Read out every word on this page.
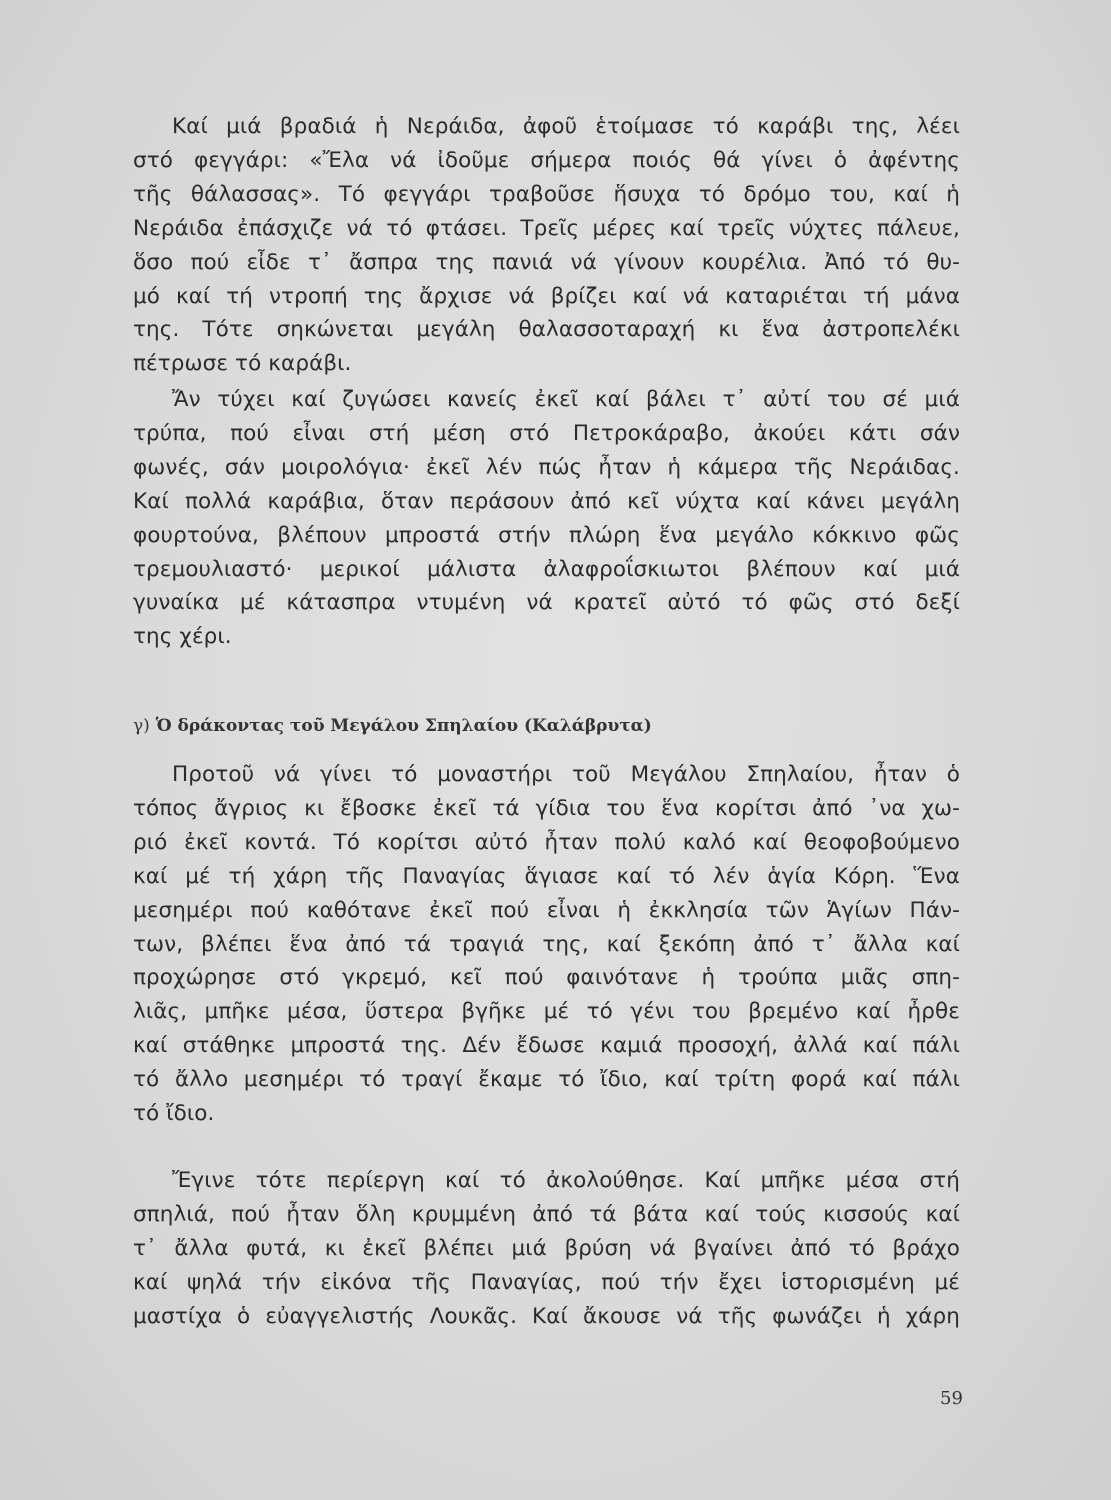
Καί μιά βραδιά ἡ Νεράιδα, ἀφοῦ ἑτοίμασε τό καράβι της, λέει
στό φεγγάρι: «Ἔλα νά ἰδοῦμε σήμερα ποιός θά γίνει ὁ ἀφέντης
τῆς θάλασσας». Τό φεγγάρι τραβοῦσε ἥσυχα τό δρόμο του, καί ἡ
Νεράιδα ἐπάσχιζε νά τό φτάσει. Τρεῖς μέρες καί τρεῖς νύχτες πάλευε,
ὅσο πού εἶδε τ᾿ ἄσπρα της πανιά νά γίνουν κουρέλια. Ἀπό τό θυ-
μό καί τή ντροπή της ἄρχισε νά βρίζει καί νά καταριέται τή μάνα
της. Τότε σηκώνεται μεγάλη θαλασσοταραχή κι ἕνα ἀστροπελέκι
πέτρωσε τό καράβι.
Ἄν τύχει καί ζυγώσει κανείς ἐκεῖ καί βάλει τ᾿ αὐτί του σέ μιά
τρύπα, πού εἶναι στή μέση στό Πετροκάραβο, ἀκούει κάτι σάν
φωνές, σάν μοιρολόγια· ἐκεῖ λέν πώς ἦταν ἡ κάμερα τῆς Νεράιδας.
Καί πολλά καράβια, ὅταν περάσουν ἀπό κεῖ νύχτα καί κάνει μεγάλη
φουρτούνα, βλέπουν μπροστά στήν πλώρη ἕνα μεγάλο κόκκινο φῶς
τρεμουλιαστό· μερικοί μάλιστα ἀλαφροΐσκιωτοι βλέπουν καί μιά
γυναίκα μέ κάτασπρα ντυμένη νά κρατεῖ αὐτό τό φῶς στό δεξί
της χέρι.
γ) Ὁ δράκοντας τοῦ Μεγάλου Σπηλαίου (Καλάβρυτα)
Προτοῦ νά γίνει τό μοναστήρι τοῦ Μεγάλου Σπηλαίου, ἦταν ὁ
τόπος ἄγριος κι ἔβοσκε ἐκεῖ τά γίδια του ἕνα κορίτσι ἀπό ᾿να χω-
ριό ἐκεῖ κοντά. Τό κορίτσι αὐτό ἦταν πολύ καλό καί θεοφοβούμενο
καί μέ τή χάρη τῆς Παναγίας ἅγιασε καί τό λέν ἁγία Κόρη. Ἕνα
μεσημέρι πού καθότανε ἐκεῖ πού εἶναι ἡ ἐκκλησία τῶν Ἁγίων Πάν-
των, βλέπει ἕνα ἀπό τά τραγιά της, καί ξεκόπη ἀπό τ᾿ ἄλλα καί
προχώρησε στό γκρεμό, κεῖ πού φαινότανε ἡ τρούπα μιᾶς σπη-
λιᾶς, μπῆκε μέσα, ὕστερα βγῆκε μέ τό γένι του βρεμένο καί ἦρθε
καί στάθηκε μπροστά της. Δέν ἔδωσε καμιά προσοχή, ἀλλά καί πάλι
τό ἄλλο μεσημέρι τό τραγί ἔκαμε τό ἴδιο, καί τρίτη φορά καί πάλι
τό ἴδιο.
Ἔγινε τότε περίεργη καί τό ἀκολούθησε. Καί μπῆκε μέσα στή
σπηλιά, πού ἦταν ὅλη κρυμμένη ἀπό τά βάτα καί τούς κισσούς καί
τ᾿ ἄλλα φυτά, κι ἐκεῖ βλέπει μιά βρύση νά βγαίνει ἀπό τό βράχο
καί ψηλά τήν εἰκόνα τῆς Παναγίας, πού τήν ἔχει ἱστορισμένη μέ
μαστίχα ὁ εὐαγγελιστής Λουκᾶς. Καί ἄκουσε νά τῆς φωνάζει ἡ χάρη
59
